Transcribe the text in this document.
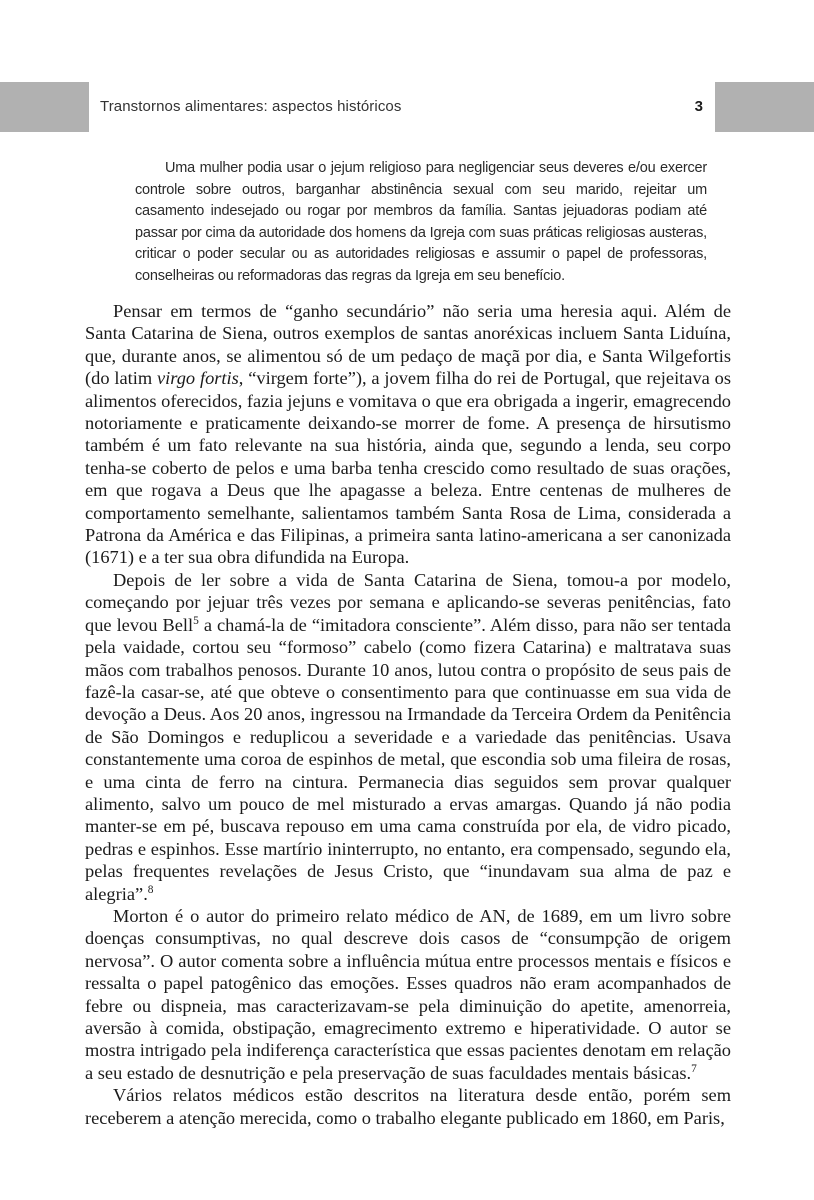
Transtornos alimentares: aspectos históricos	3
Uma mulher podia usar o jejum religioso para negligenciar seus deveres e/ou exercer controle sobre outros, barganhar abstinência sexual com seu marido, rejeitar um casamento indesejado ou rogar por membros da família. Santas jejuadoras podiam até passar por cima da autoridade dos homens da Igreja com suas práticas religiosas austeras, criticar o poder secular ou as autoridades religiosas e assumir o papel de professoras, conselheiras ou reformadoras das regras da Igreja em seu benefício.

Pensar em termos de “ganho secundário” não seria uma heresia aqui. Além de Santa Catarina de Siena, outros exemplos de santas anoréxicas incluem Santa Liduína, que, durante anos, se alimentou só de um pedaço de maçã por dia, e Santa Wilgefortis (do latim virgo fortis, “virgem forte”), a jovem filha do rei de Portugal, que rejeitava os alimentos oferecidos, fazia jejuns e vomitava o que era obrigada a ingerir, emagrecendo notoriamente e praticamente deixando-se morrer de fome. A presença de hirsutismo também é um fato relevante na sua história, ainda que, segundo a lenda, seu corpo tenha-se coberto de pelos e uma barba tenha crescido como resultado de suas orações, em que rogava a Deus que lhe apagasse a beleza. Entre centenas de mulheres de comportamento semelhante, salientamos também Santa Rosa de Lima, considerada a Patrona da América e das Filipinas, a primeira santa latino-americana a ser canonizada (1671) e a ter sua obra difundida na Europa.

Depois de ler sobre a vida de Santa Catarina de Siena, tomou-a por modelo, começando por jejuar três vezes por semana e aplicando-se severas penitências, fato que levou Bell$^5$ a chamá-la de “imitadora consciente”. Além disso, para não ser tentada pela vaidade, cortou seu “formoso” cabelo (como fizera Catarina) e maltratava suas mãos com trabalhos penosos. Durante 10 anos, lutou contra o propósito de seus pais de fazê-la casar-se, até que obteve o consentimento para que continuasse em sua vida de devoção a Deus. Aos 20 anos, ingressou na Irmandade da Terceira Ordem da Penitência de São Domingos e reduplicou a severidade e a variedade das penitências. Usava constantemente uma coroa de espinhos de metal, que escondia sob uma fileira de rosas, e uma cinta de ferro na cintura. Permanecia dias seguidos sem provar qualquer alimento, salvo um pouco de mel misturado a ervas amargas. Quando já não podia manter-se em pé, buscava repouso em uma cama construída por ela, de vidro picado, pedras e espinhos. Esse martírio ininterrupto, no entanto, era compensado, segundo ela, pelas frequentes revelações de Jesus Cristo, que “inundavam sua alma de paz e alegria”.$^8$

Morton é o autor do primeiro relato médico de AN, de 1689, em um livro sobre doenças consumptivas, no qual descreve dois casos de “consumpção de origem nervosa”. O autor comenta sobre a influência mútua entre processos mentais e físicos e ressalta o papel patogênico das emoções. Esses quadros não eram acompanhados de febre ou dispneia, mas caracterizavam-se pela diminuição do apetite, amenorreia, aversão à comida, obstipação, emagrecimento extremo e hiperatividade. O autor se mostra intrigado pela indiferença característica que essas pacientes denotam em relação a seu estado de desnutrição e pela preservação de suas faculdades mentais básicas.$^7$

Vários relatos médicos estão descritos na literatura desde então, porém sem receberem a atenção merecida, como o trabalho elegante publicado em 1860, em Paris,
